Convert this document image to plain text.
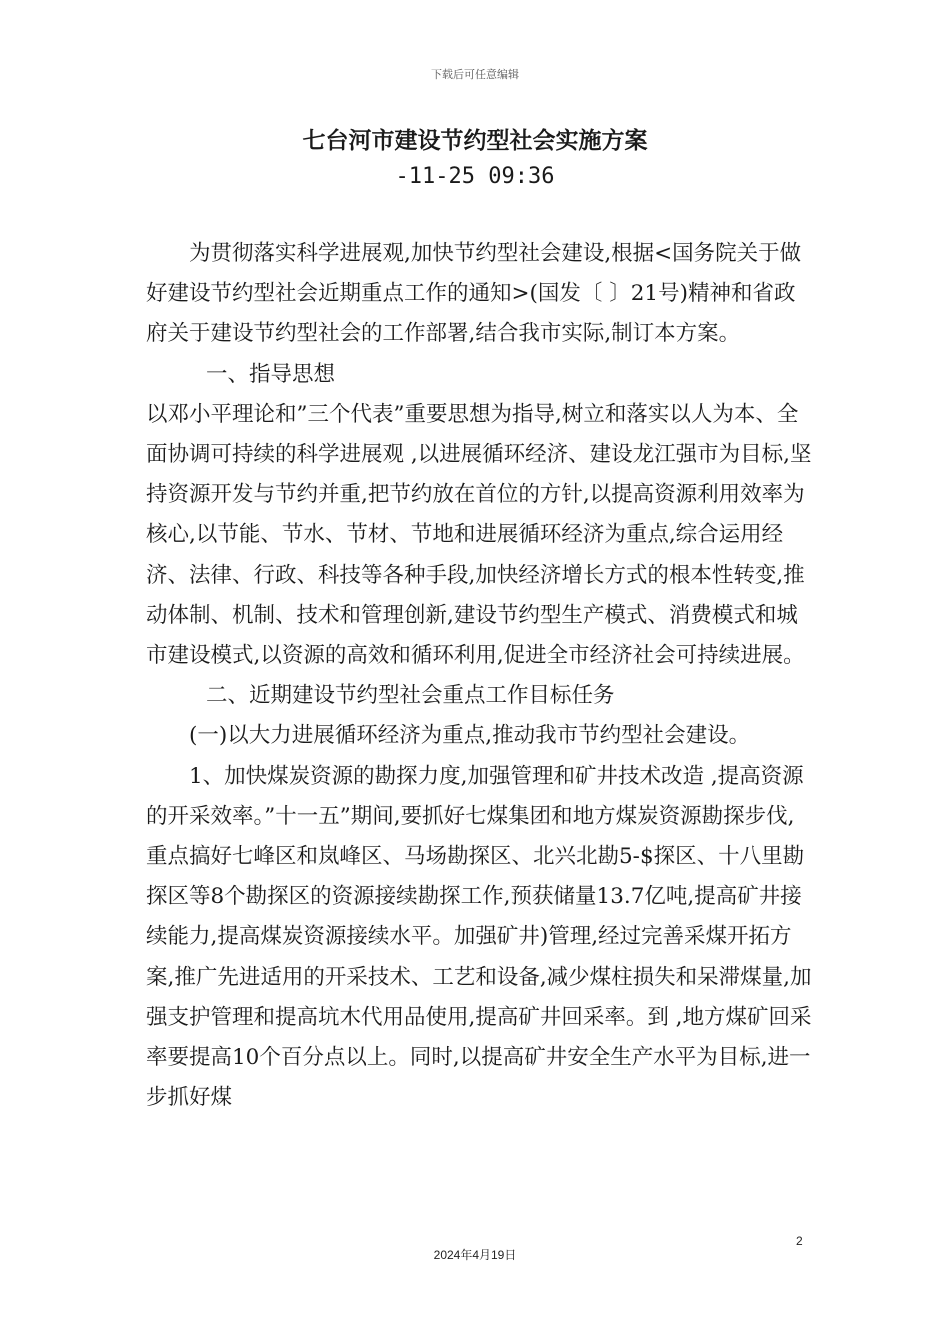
下载后可任意编辑
七台河市建设节约型社会实施方案
-11-25 09:36

为贯彻落实科学进展观,加快节约型社会建设,根据<国务院关于做好建设节约型社会近期重点工作的通知>(国发〔 〕21号)精神和省政府关于建设节约型社会的工作部署,结合我市实际,制订本方案。

一、指导思想

以邓小平理论和”三个代表”重要思想为指导,树立和落实以人为本、全面协调可持续的科学进展观 ,以进展循环经济、建设龙江强市为目标,坚持资源开发与节约并重,把节约放在首位的方针,以提高资源利用效率为核心,以节能、节水、节材、节地和进展循环经济为重点,综合运用经济、法律、行政、科技等各种手段,加快经济增长方式的根本性转变,推动体制、机制、技术和管理创新,建设节约型生产模式、消费模式和城市建设模式,以资源的高效和循环利用,促进全市经济社会可持续进展。

二、近期建设节约型社会重点工作目标任务

(一)以大力进展循环经济为重点,推动我市节约型社会建设。

1、加快煤炭资源的勘探力度,加强管理和矿井技术改造 ,提高资源的开采效率。”十一五”期间,要抓好七煤集团和地方煤炭资源勘探步伐,重点搞好七峰区和岚峰区、马场勘探区、北兴北勘5-$探区、十八里勘探区等8个勘探区的资源接续勘探工作,预获储量13.7亿吨,提高矿井接续能力,提高煤炭资源接续水平。加强矿井)管理,经过完善采煤开拓方案,推广先进适用的开采技术、工艺和设备,减少煤柱损失和呆滞煤量,加强支护管理和提高坑木代用品使用,提高矿井回采率。到 ,地方煤矿回采率要提高10个百分点以上。同时,以提高矿井安全生产水平为目标,进一步抓好煤

2
2024年4月19日
